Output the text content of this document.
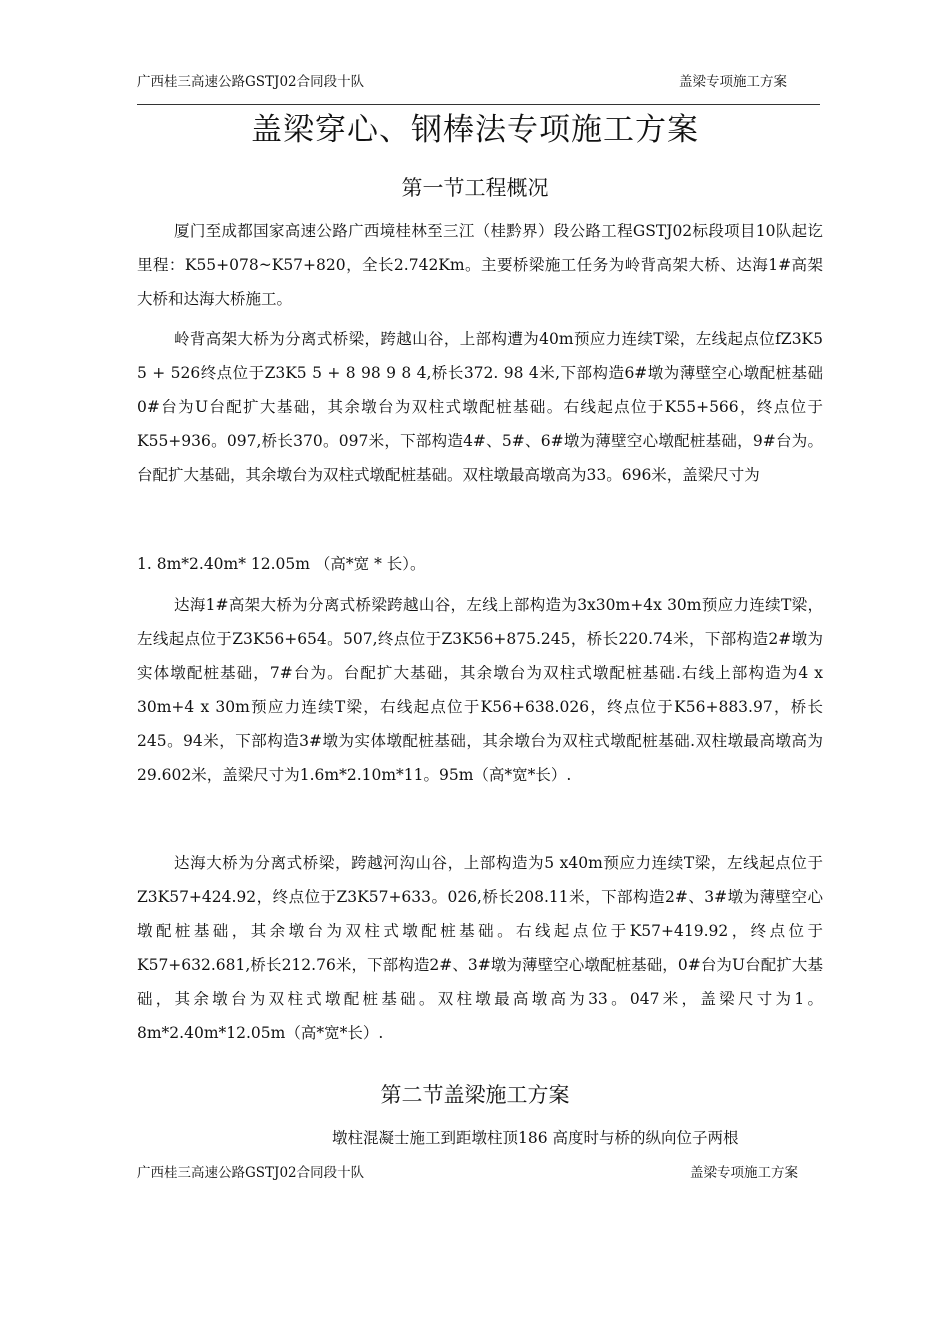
广西桂三高速公路GSTJ02合同段十队	盖梁专项施工方案
盖梁穿心、钢棒法专项施工方案
第一节工程概况

厦门至成都国家高速公路广西境桂林至三江（桂黔界）段公路工程GSTJ02标段项目10队起讫里程：K55+078~K57+820，全长2.742Km。主要桥梁施工任务为岭背高架大桥、达海1#高架大桥和达海大桥施工。

岭背高架大桥为分离式桥梁，跨越山谷，上部构遭为40m预应力连续T梁，左线起点位fZ3K5 5 + 526终点位于Z3K5 5 + 8 98 9 8 4,桥长372. 98 4米,下部构造6#墩为薄壁空心墩配桩基础0#台为U台配扩大基础，其余墩台为双柱式墩配桩基础。右线起点位于K55+566，终点位于K55+936。097,桥长370。097米，下部构造4#、5#、6#墩为薄壁空心墩配桩基础，9#台为。台配扩大基础，其余墩台为双柱式墩配桩基础。双柱墩最高墩高为33。696米，盖梁尺寸为

1. 8m*2.40m* 12.05m （高*宽 * 长）。

达海1#高架大桥为分离式桥梁跨越山谷，左线上部构造为3x30m+4x 30m预应力连续T梁，左线起点位于Z3K56+654。507,终点位于Z3K56+875.245，桥长220.74米，下部构造2#墩为实体墩配桩基础，7#台为。台配扩大基础，其余墩台为双柱式墩配桩基础.右线上部构造为4 x 30m+4 x 30m预应力连续T梁，右线起点位于K56+638.026，终点位于K56+883.97，桥长245。94米，下部构造3#墩为实体墩配桩基础，其余墩台为双柱式墩配桩基础.双柱墩最高墩高为29.602米，盖梁尺寸为1.6m*2.10m*11。95m（高*宽*长）.

达海大桥为分离式桥梁，跨越河沟山谷，上部构造为5 x40m预应力连续T梁，左线起点位于Z3K57+424.92，终点位于Z3K57+633。026,桥长208.11米，下部构造2#、3#墩为薄壁空心墩配桩基础，其余墩台为双柱式墩配桩基础。右线起点位于K57+419.92，终点位于K57+632.681,桥长212.76米，下部构造2#、3#墩为薄壁空心墩配桩基础，0#台为U台配扩大基础，其余墩台为双柱式墩配桩基础。双柱墩最高墩高为33。047米，盖梁尺寸为1。8m*2.40m*12.05m（高*宽*长）.

第二节盖梁施工方案

墩柱混凝士施工到距墩柱顶186 高度时与桥的纵向位子两根

广西桂三高速公路GSTJ02合同段十队	盖梁专项施工方案
